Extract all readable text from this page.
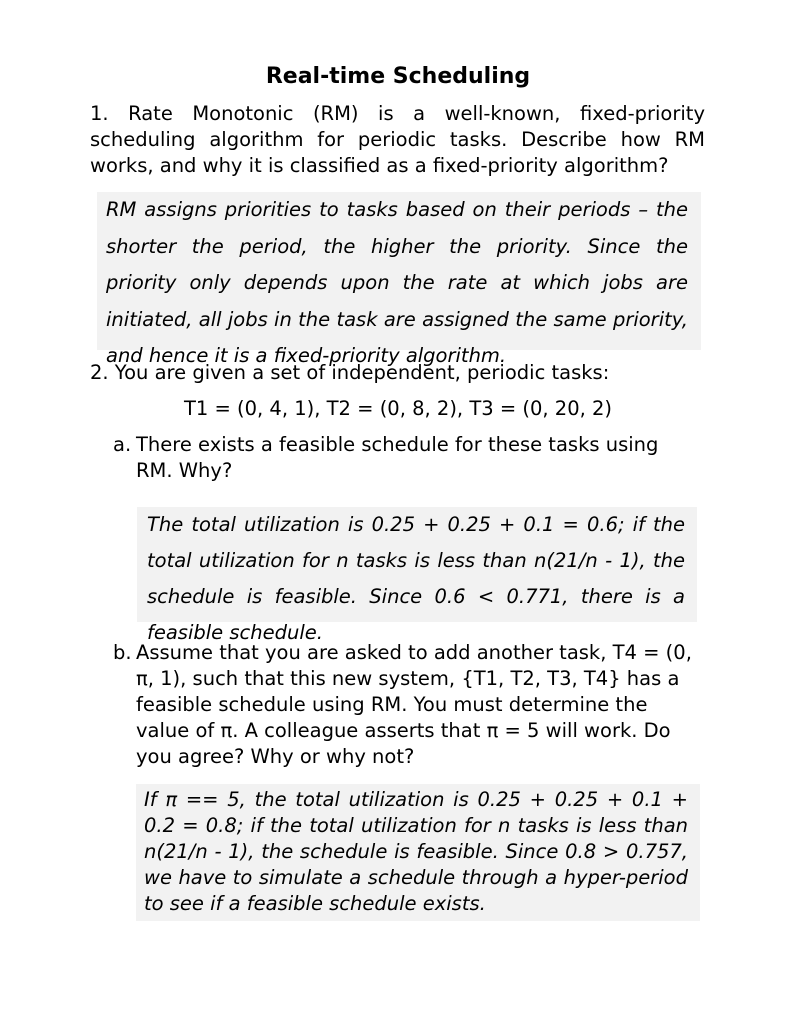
Real-time Scheduling
1. Rate Monotonic (RM) is a well-known, fixed-priority scheduling algorithm for periodic tasks. Describe how RM works, and why it is classified as a fixed-priority algorithm?
RM assigns priorities to tasks based on their periods – the shorter the period, the higher the priority. Since the priority only depends upon the rate at which jobs are initiated, all jobs in the task are assigned the same priority, and hence it is a fixed-priority algorithm.
2. You are given a set of independent, periodic tasks:
T1 = (0, 4, 1), T2 = (0, 8, 2), T3 = (0, 20, 2)
a. There exists a feasible schedule for these tasks using RM. Why?
The total utilization is 0.25 + 0.25 + 0.1 = 0.6; if the total utilization for n tasks is less than n(21/n - 1), the schedule is feasible. Since 0.6 < 0.771, there is a feasible schedule.
b. Assume that you are asked to add another task, T4 = (0, π, 1), such that this new system, {T1, T2, T3, T4} has a feasible schedule using RM. You must determine the value of π. A colleague asserts that π = 5 will work. Do you agree? Why or why not?
If π == 5, the total utilization is 0.25 + 0.25 + 0.1 + 0.2 = 0.8; if the total utilization for n tasks is less than n(21/n - 1), the schedule is feasible. Since 0.8 > 0.757, we have to simulate a schedule through a hyper-period to see if a feasible schedule exists.
